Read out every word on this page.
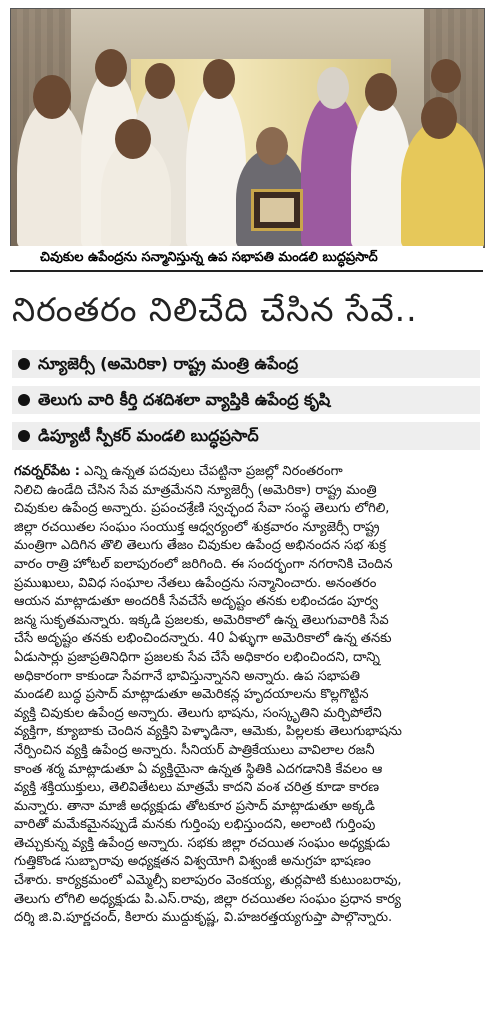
చివుకుల ఉపేంద్రను సన్మానిస్తున్న ఉప సభాపతి మండలి బుద్ధప్రసాద్
నిరంతరం నిలిచేది చేసిన సేవే..
న్యూజెర్సీ (అమెరికా) రాష్ట్ర మంత్రి ఉపేంద్ర
తెలుగు వారి కీర్తి దశదిశలా వ్యాప్తికి ఉపేంద్ర కృషి
డిప్యూటీ స్పీకర్ మండలి బుద్ధప్రసాద్
గవర్నర్‌పేట : ఎన్ని ఉన్నత పదవులు చేపట్టినా ప్రజల్లో నిరంతరంగా
నిలిచి ఉండేది చేసిన సేవ మాత్రమేనని న్యూజెర్సీ (అమెరికా) రాష్ట్ర మంత్రి
చివుకుల ఉపేంద్ర అన్నారు. ప్రపంచశ్రేణి స్వచ్ఛంద సేవా సంస్థ తెలుగు లోగిలి,
జిల్లా రచయితల సంఘం సంయుక్త ఆధ్వర్యంలో శుక్రవారం న్యూజెర్సీ రాష్ట్ర
మంత్రిగా ఎదిగిన తొలి తెలుగు తేజం చివుకుల ఉపేంద్ర అభినందన సభ శుక్ర
వారం రాత్రి హోటల్ ఐలాపురంలో జరిగింది. ఈ సందర్భంగా నగరానికి చెందిన
ప్రముఖులు, వివిధ సంఘాల నేతలు ఉపేంద్రను సన్మానించారు. అనంతరం
ఆయన మాట్లాడుతూ అందరికీ సేవచేసే అదృష్టం తనకు లభించడం పూర్వ
జన్మ సుకృతమన్నారు. ఇక్కడి ప్రజలకు, అమెరికాలో ఉన్న తెలుగువారికి సేవ
చేసే అదృష్టం తనకు లభించిందన్నారు. 40 ఏళ్ళుగా అమెరికాలో ఉన్న తనకు
ఏడుసార్లు ప్రజాప్రతినిధిగా ప్రజలకు సేవ చేసే అధికారం లభించిందని, దాన్ని
అధికారంగా కాకుండా సేవగానే భావిస్తున్నానని అన్నారు. ఉప సభాపతి
మండలి బుద్ధ ప్రసాద్ మాట్లాడుతూ అమెరికన్ల హృదయాలను కొల్లగొట్టిన
వ్యక్తి చివుకుల ఉపేంద్ర అన్నారు. తెలుగు భాషను, సంస్కృతిని మర్చిపోలేని
వ్యక్తిగా, క్యూబాకు చెందిన వ్యక్తిని పెళ్ళాడినా, ఆమెకు, పిల్లలకు తెలుగుభాషను
నేర్పించిన వ్యక్తి ఉపేంద్ర అన్నారు. సీనియర్ పాత్రికేయులు వావిలాల రజనీ
కాంత శర్మ మాట్లాడుతూ ఏ వ్యక్తియైనా ఉన్నత స్థితికి ఎదగడానికి కేవలం ఆ
వ్యక్తి శక్తియుక్తులు, తెలివితేటలు మాత్రమే కాదని వంశ చరిత్ర కూడా కారణ
మన్నారు. తానా మాజీ అధ్యక్షుడు తోటకూర ప్రసాద్ మాట్లాడుతూ అక్కడి
వారితో మమేకమైనప్పుడే మనకు గుర్తింపు లభిస్తుందని, అలాంటి గుర్తింపు
తెచ్చుకున్న వ్యక్తి ఉపేంద్ర అన్నారు. సభకు జిల్లా రచయిత సంఘం అధ్యక్షుడు
గుత్తికొండ సుబ్బారావు అధ్యక్షతన విశ్వయోగి విశ్వంజీ అనుగ్రహ భాషణం
చేశారు. కార్యక్రమంలో ఎమ్మెల్సీ ఐలాపురం వెంకయ్య, తుర్లపాటి కుటుంబరావు,
తెలుగు లోగిలి అధ్యక్షుడు పి.ఎస్.రావు, జిల్లా రచయితల సంఘం ప్రధాన కార్య
దర్శి జి.వి.పూర్ణచంద్, కిలారు ముద్దుకృష్ణ, వి.హజరత్తయ్యగుప్తా పాల్గొన్నారు.
